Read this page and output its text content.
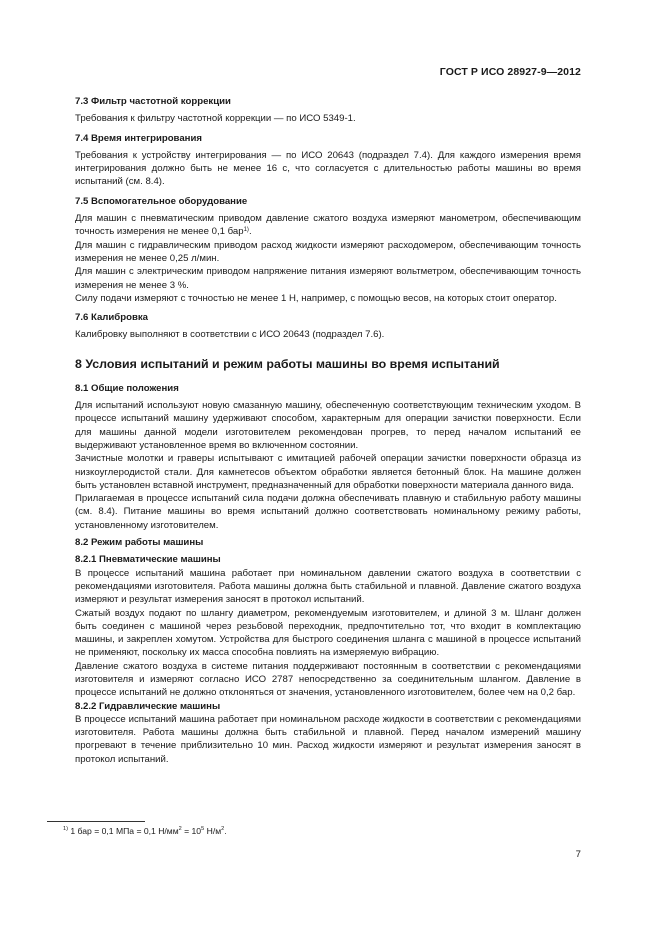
ГОСТ Р ИСО 28927-9—2012
7.3 Фильтр частотной коррекции
Требования к фильтру частотной коррекции — по ИСО 5349-1.
7.4 Время интегрирования
Требования к устройству интегрирования — по ИСО 20643 (подраздел 7.4). Для каждого измерения время интегрирования должно быть не менее 16 с, что согласуется с длительностью работы машины во время испытаний (см. 8.4).
7.5 Вспомогательное оборудование
Для машин с пневматическим приводом давление сжатого воздуха измеряют манометром, обеспечивающим точность измерения не менее 0,1 бар$^{1)}$.
Для машин с гидравлическим приводом расход жидкости измеряют расходомером, обеспечивающим точность измерения не менее 0,25 л/мин.
Для машин с электрическим приводом напряжение питания измеряют вольтметром, обеспечивающим точность измерения не менее 3 %.
Силу подачи измеряют с точностью не менее 1 Н, например, с помощью весов, на которых стоит оператор.
7.6 Калибровка
Калибровку выполняют в соответствии с ИСО 20643 (подраздел 7.6).
8 Условия испытаний и режим работы машины во время испытаний
8.1 Общие положения
Для испытаний используют новую смазанную машину, обеспеченную соответствующим техническим уходом. В процессе испытаний машину удерживают способом, характерным для операции зачистки поверхности. Если для машины данной модели изготовителем рекомендован прогрев, то перед началом испытаний ее выдерживают установленное время во включенном состоянии.
Зачистные молотки и граверы испытывают с имитацией рабочей операции зачистки поверхности образца из низкоуглеродистой стали. Для камнетесов объектом обработки является бетонный блок. На машине должен быть установлен вставной инструмент, предназначенный для обработки поверхности материала данного вида.
Прилагаемая в процессе испытаний сила подачи должна обеспечивать плавную и стабильную работу машины (см. 8.4). Питание машины во время испытаний должно соответствовать номинальному режиму работы, установленному изготовителем.
8.2 Режим работы машины
8.2.1 Пневматические машины
В процессе испытаний машина работает при номинальном давлении сжатого воздуха в соответствии с рекомендациями изготовителя. Работа машины должна быть стабильной и плавной. Давление сжатого воздуха измеряют и результат измерения заносят в протокол испытаний.
Сжатый воздух подают по шлангу диаметром, рекомендуемым изготовителем, и длиной 3 м. Шланг должен быть соединен с машиной через резьбовой переходник, предпочтительно тот, что входит в комплектацию машины, и закреплен хомутом. Устройства для быстрого соединения шланга с машиной в процессе испытаний не применяют, поскольку их масса способна повлиять на измеряемую вибрацию.
Давление сжатого воздуха в системе питания поддерживают постоянным в соответствии с рекомендациями изготовителя и измеряют согласно ИСО 2787 непосредственно за соединительным шлангом. Давление в процессе испытаний не должно отклоняться от значения, установленного изготовителем, более чем на 0,2 бар.
8.2.2 Гидравлические машины
В процессе испытаний машина работает при номинальном расходе жидкости в соответствии с рекомендациями изготовителя. Работа машины должна быть стабильной и плавной. Перед началом измерений машину прогревают в течение приблизительно 10 мин. Расход жидкости измеряют и результат измерения заносят в протокол испытаний.
$^{1)}$ 1 бар = 0,1 МПа = 0,1 $Н/мм^2 = 10^5$ $Н/м^2$.
7
